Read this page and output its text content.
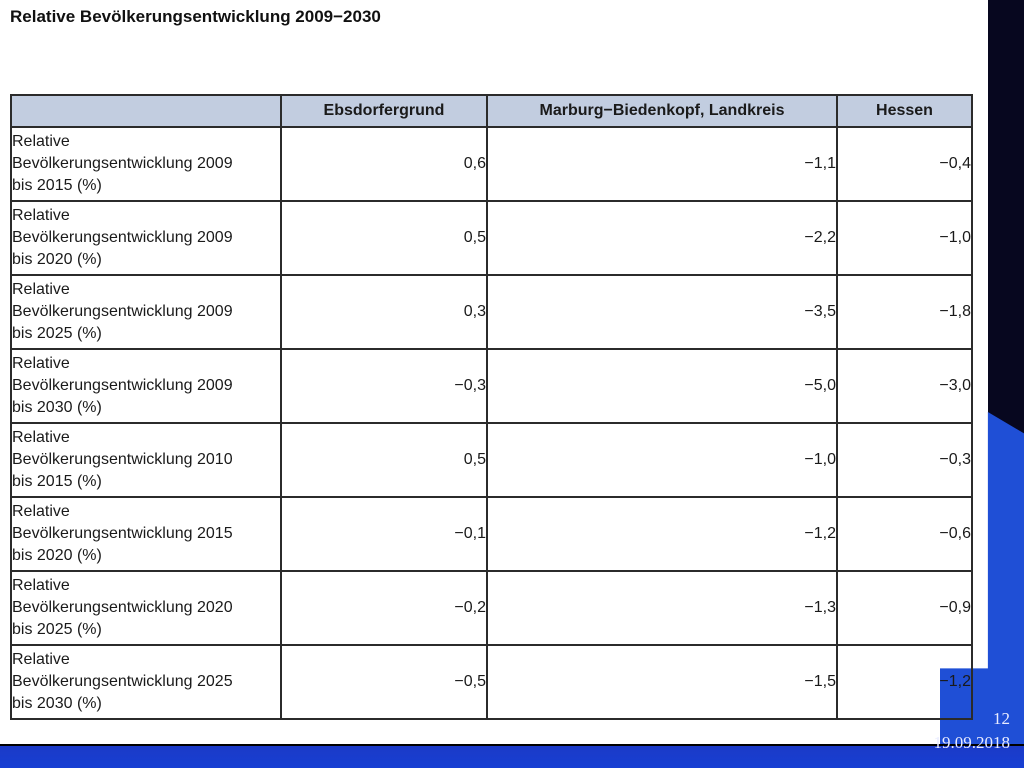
12
19.09.2018
Relative Bevölkerungsentwicklung 2009−2030
	Ebsdorfergrund	Marburg−Biedenkopf, Landkreis	Hessen

Relative
Bevölkerungsentwicklung 2009
bis 2015 (%)	0,6	−1,1	−0,4

Relative
Bevölkerungsentwicklung 2009
bis 2020 (%)	0,5	−2,2	−1,0

Relative
Bevölkerungsentwicklung 2009
bis 2025 (%)	0,3	−3,5	−1,8

Relative
Bevölkerungsentwicklung 2009
bis 2030 (%)	−0,3	−5,0	−3,0

Relative
Bevölkerungsentwicklung 2010
bis 2015 (%)	0,5	−1,0	−0,3

Relative
Bevölkerungsentwicklung 2015
bis 2020 (%)	−0,1	−1,2	−0,6

Relative
Bevölkerungsentwicklung 2020
bis 2025 (%)	−0,2	−1,3	−0,9

Relative
Bevölkerungsentwicklung 2025
bis 2030 (%)	−0,5	−1,5	−1,2
